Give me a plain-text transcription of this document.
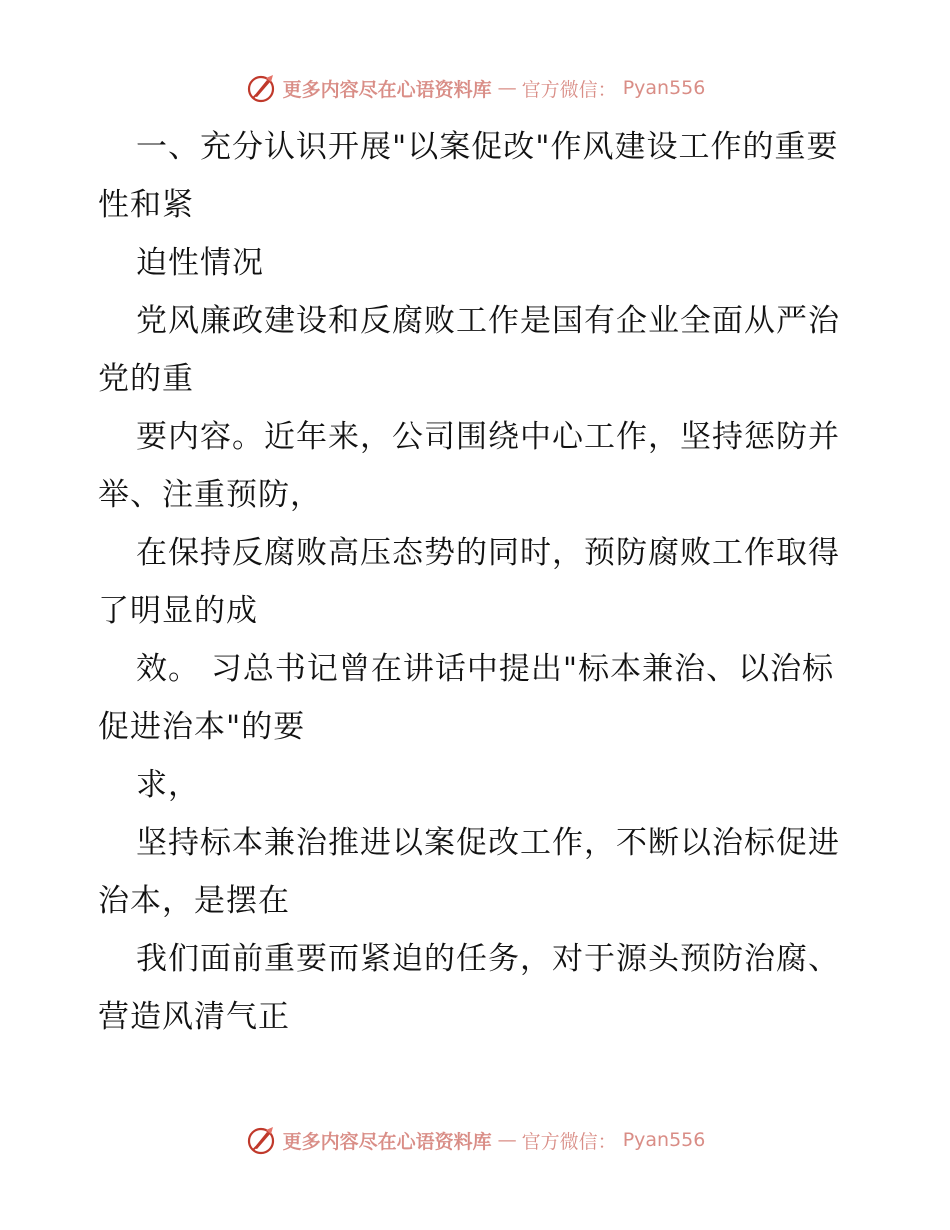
更多内容尽在心语资料库 — 官方微信： Pyan556

一、充分认识开展"以案促改"作风建设工作的重要性和紧

迫性情况

党风廉政建设和反腐败工作是国有企业全面从严治党的重

要内容。近年来，公司围绕中心工作，坚持惩防并举、注重预防，

在保持反腐败高压态势的同时，预防腐败工作取得了明显的成

效。 习总书记曾在讲话中提出"标本兼治、以治标促进治本"的要

求，

坚持标本兼治推进以案促改工作，不断以治标促进治本，是摆在

我们面前重要而紧迫的任务，对于源头预防治腐、营造风清气正

更多内容尽在心语资料库 — 官方微信： Pyan556
